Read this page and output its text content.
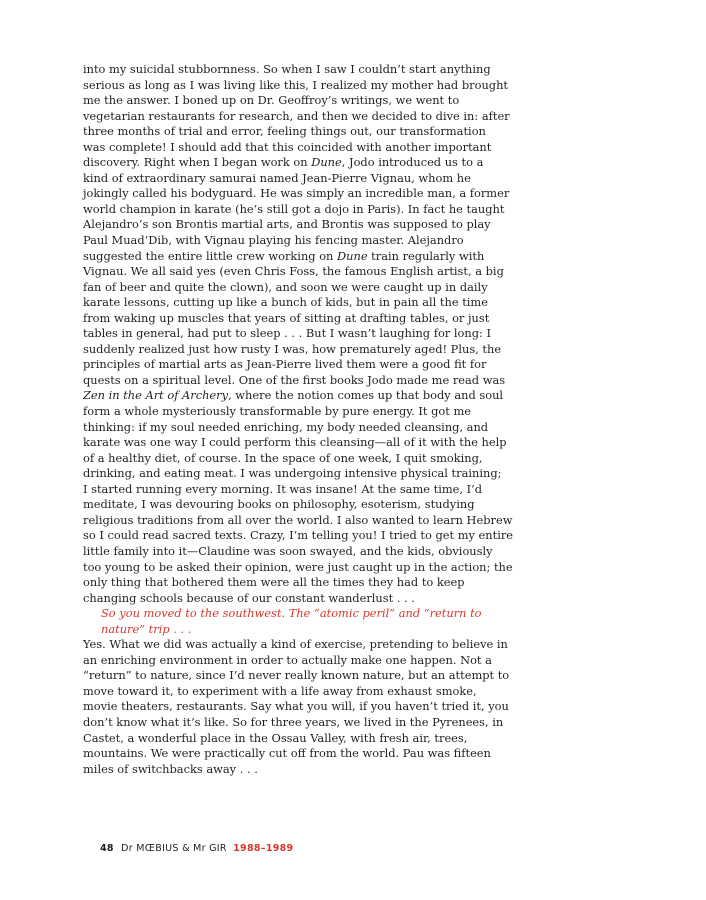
into my suicidal stubbornness. So when I saw I couldn’t start anything
serious as long as I was living like this, I realized my mother had brought
me the answer. I boned up on Dr. Geoffroy’s writings, we went to
vegetarian restaurants for research, and then we decided to dive in: after
three months of trial and error, feeling things out, our transformation
was complete! I should add that this coincided with another important
discovery. Right when I began work on Dune, Jodo introduced us to a
kind of extraordinary samurai named Jean-Pierre Vignau, whom he
jokingly called his bodyguard. He was simply an incredible man, a former
world champion in karate (he’s still got a dojo in Paris). In fact he taught
Alejandro’s son Brontis martial arts, and Brontis was supposed to play
Paul Muad’Dib, with Vignau playing his fencing master. Alejandro
suggested the entire little crew working on Dune train regularly with
Vignau. We all said yes (even Chris Foss, the famous English artist, a big
fan of beer and quite the clown), and soon we were caught up in daily
karate lessons, cutting up like a bunch of kids, but in pain all the time
from waking up muscles that years of sitting at drafting tables, or just
tables in general, had put to sleep . . . But I wasn’t laughing for long: I
suddenly realized just how rusty I was, how prematurely aged! Plus, the
principles of martial arts as Jean-Pierre lived them were a good fit for
quests on a spiritual level. One of the first books Jodo made me read was
Zen in the Art of Archery, where the notion comes up that body and soul
form a whole mysteriously transformable by pure energy. It got me
thinking: if my soul needed enriching, my body needed cleansing, and
karate was one way I could perform this cleansing—all of it with the help
of a healthy diet, of course. In the space of one week, I quit smoking,
drinking, and eating meat. I was undergoing intensive physical training;
I started running every morning. It was insane! At the same time, I’d
meditate, I was devouring books on philosophy, esoterism, studying
religious traditions from all over the world. I also wanted to learn Hebrew
so I could read sacred texts. Crazy, I’m telling you! I tried to get my entire
little family into it—Claudine was soon swayed, and the kids, obviously
too young to be asked their opinion, were just caught up in the action; the
only thing that bothered them were all the times they had to keep
changing schools because of our constant wanderlust . . .
So you moved to the southwest. The “atomic peril” and “return to
nature” trip . . .
Yes. What we did was actually a kind of exercise, pretending to believe in
an enriching environment in order to actually make one happen. Not a
“return” to nature, since I’d never really known nature, but an attempt to
move toward it, to experiment with a life away from exhaust smoke,
movie theaters, restaurants. Say what you will, if you haven’t tried it, you
don’t know what it’s like. So for three years, we lived in the Pyrenees, in
Castet, a wonderful place in the Ossau Valley, with fresh air, trees,
mountains. We were practically cut off from the world. Pau was fifteen
miles of switchbacks away . . .
48 Dr MŒBIUS & Mr GIR 1988–1989
